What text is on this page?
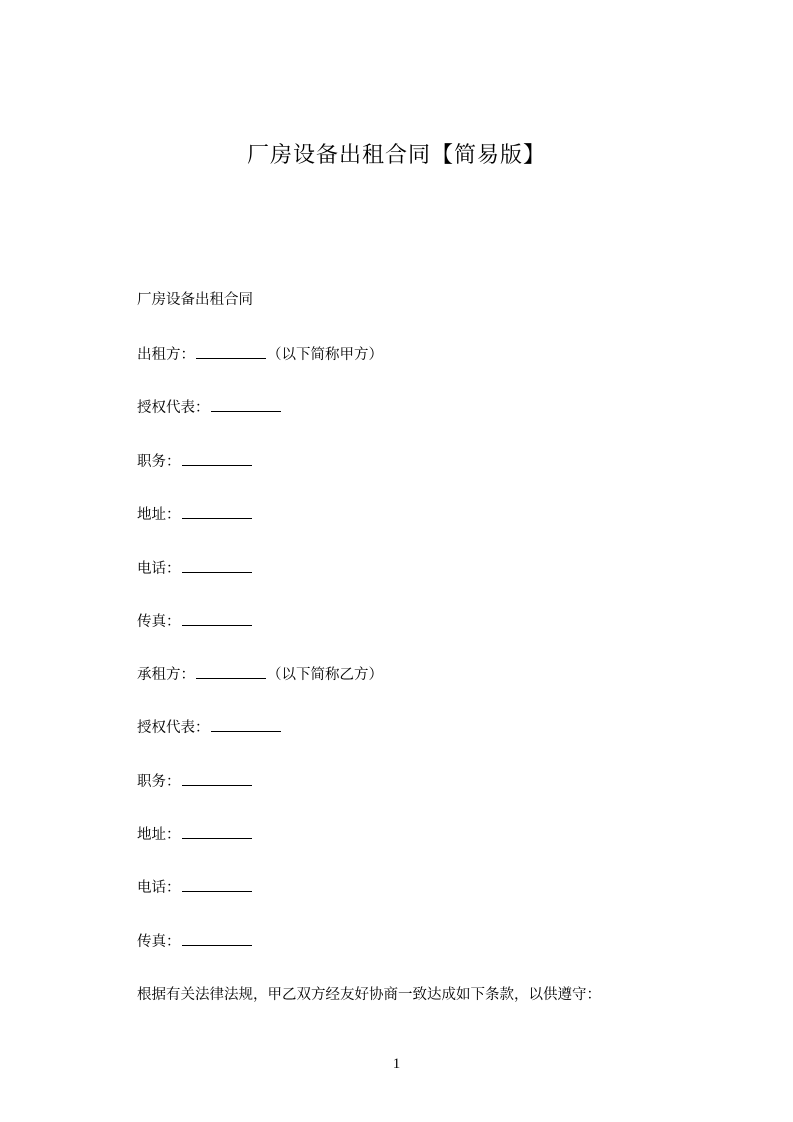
厂房设备出租合同【简易版】
厂房设备出租合同
出租方：	（以下简称甲方）
授权代表：
职务：
地址：
电话：
传真：
承租方：	（以下简称乙方）
授权代表：
职务：
地址：
电话：
传真：
根据有关法律法规，甲乙双方经友好协商一致达成如下条款，以供遵守：
1
